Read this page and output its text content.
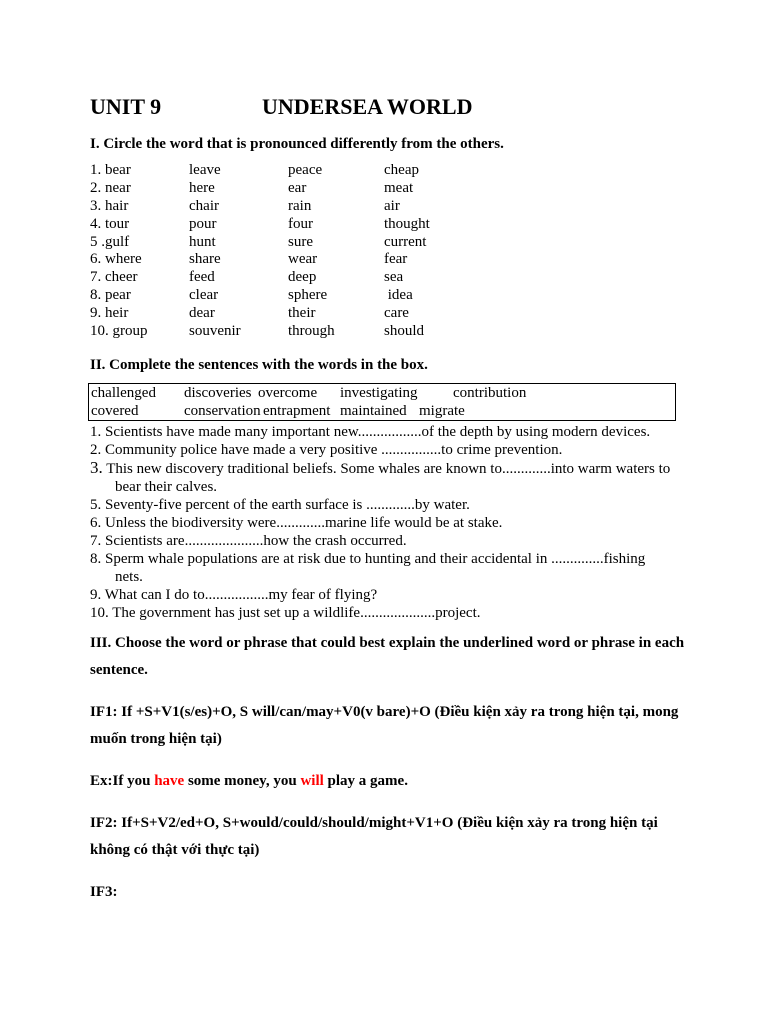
UNIT 9	UNDERSEA WORLD
I. Circle the word that is pronounced differently from the others.
1. bear	leave	peace	cheap
2. near	here	ear	meat
3. hair	chair	rain	air
4. tour	pour	four	thought
5 .gulf	hunt	sure	current
6. where	share	wear	fear
7. cheer	feed	deep	sea
8. pear	clear	sphere	idea
9. heir	dear	their	care
10. group	souvenir	through	should
II. Complete the sentences with the words in the box.
challenged discoveries overcome investigating contribution
covered	conservation entrapment maintained migrate
1. Scientists have made many important new.................of the depth by using modern devices.
2. Community police have made a very positive ................to crime prevention.
3. This new discovery traditional beliefs. Some whales are known to.............into warm waters to
bear their calves.
5. Seventy-five percent of the earth surface is .............by water.
6. Unless the biodiversity were.............marine life would be at stake.
7. Scientists are.....................how the crash occurred.
8. Sperm whale populations are at risk due to hunting and their accidental in ..............fishing
nets.
9. What can I do to.................my fear of flying?
10. The government has just set up a wildlife....................project.
III. Choose the word or phrase that could best explain the underlined word or phrase in each sentence.
IF1: If +S+V1(s/es)+O, S will/can/may+V0(v bare)+O (Điều kiện xảy ra trong hiện tại, mong muốn trong hiện tại)
Ex:If you have some money, you will play a game.
IF2: If+S+V2/ed+O, S+would/could/should/might+V1+O (Điều kiện xảy ra trong hiện tại không có thật với thực tại)
IF3:
